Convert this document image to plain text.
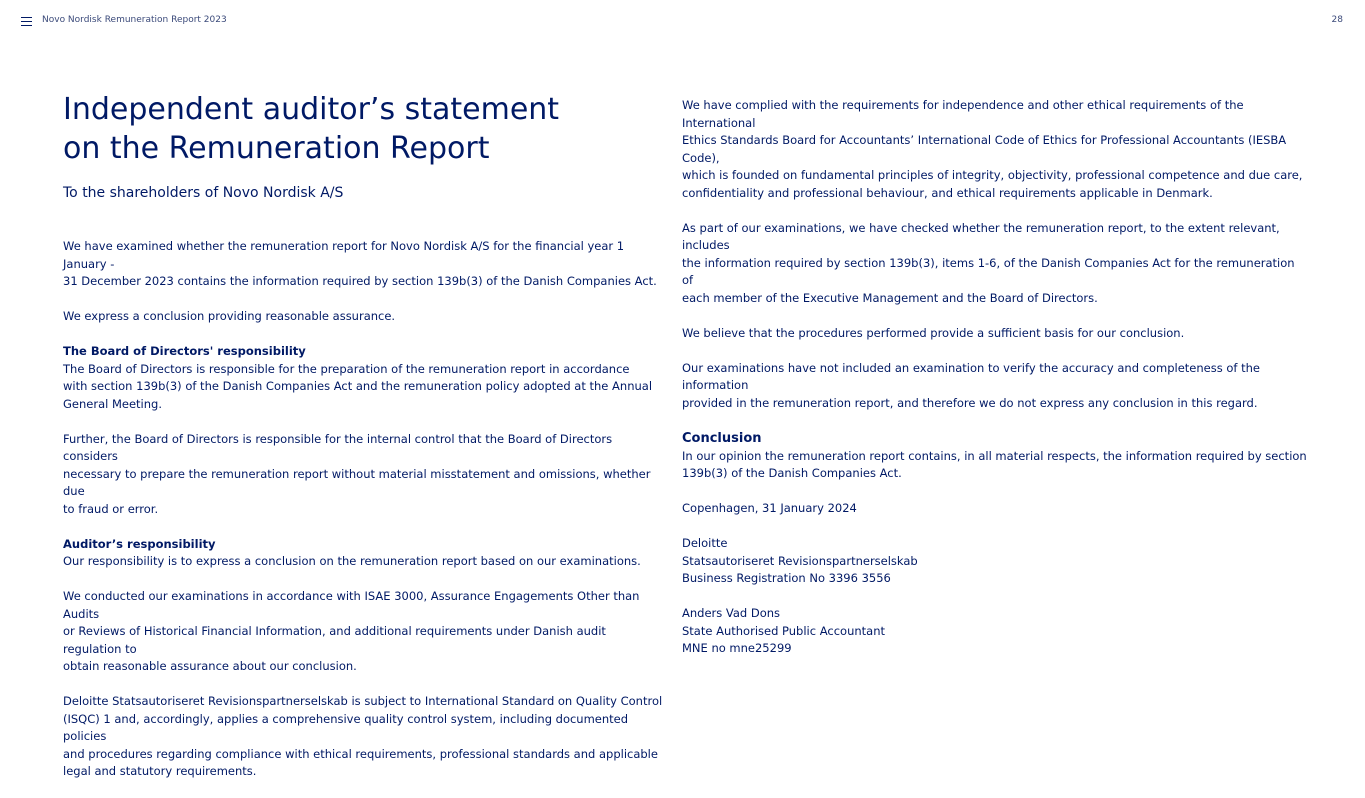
Novo Nordisk Remuneration Report 2023	28
Independent auditor’s statement
on the Remuneration Report
To the shareholders of Novo Nordisk A/S

We have examined whether the remuneration report for Novo Nordisk A/S for the financial year 1 January -
31 December 2023 contains the information required by section 139b(3) of the Danish Companies Act.

We express a conclusion providing reasonable assurance.

The Board of Directors' responsibility

The Board of Directors is responsible for the preparation of the remuneration report in accordance
with section 139b(3) of the Danish Companies Act and the remuneration policy adopted at the Annual
General Meeting.

Further, the Board of Directors is responsible for the internal control that the Board of Directors considers
necessary to prepare the remuneration report without material misstatement and omissions, whether due
to fraud or error.

Auditor’s responsibility

Our responsibility is to express a conclusion on the remuneration report based on our examinations.

We conducted our examinations in accordance with ISAE 3000, Assurance Engagements Other than Audits
or Reviews of Historical Financial Information, and additional requirements under Danish audit regulation to
obtain reasonable assurance about our conclusion.

Deloitte Statsautoriseret Revisionspartnerselskab is subject to International Standard on Quality Control
(ISQC) 1 and, accordingly, applies a comprehensive quality control system, including documented policies
and procedures regarding compliance with ethical requirements, professional standards and applicable
legal and statutory requirements.

We have complied with the requirements for independence and other ethical requirements of the International
Ethics Standards Board for Accountants’ International Code of Ethics for Professional Accountants (IESBA Code),
which is founded on fundamental principles of integrity, objectivity, professional competence and due care,
confidentiality and professional behaviour, and ethical requirements applicable in Denmark.

As part of our examinations, we have checked whether the remuneration report, to the extent relevant, includes
the information required by section 139b(3), items 1-6, of the Danish Companies Act for the remuneration of
each member of the Executive Management and the Board of Directors.

We believe that the procedures performed provide a sufficient basis for our conclusion.

Our examinations have not included an examination to verify the accuracy and completeness of the information
provided in the remuneration report, and therefore we do not express any conclusion in this regard.

Conclusion

In our opinion the remuneration report contains, in all material respects, the information required by section
139b(3) of the Danish Companies Act.

Copenhagen, 31 January 2024

Deloitte
Statsautoriseret Revisionspartnerselskab
Business Registration No 3396 3556

Anders Vad Dons
State Authorised Public Accountant
MNE no mne25299
